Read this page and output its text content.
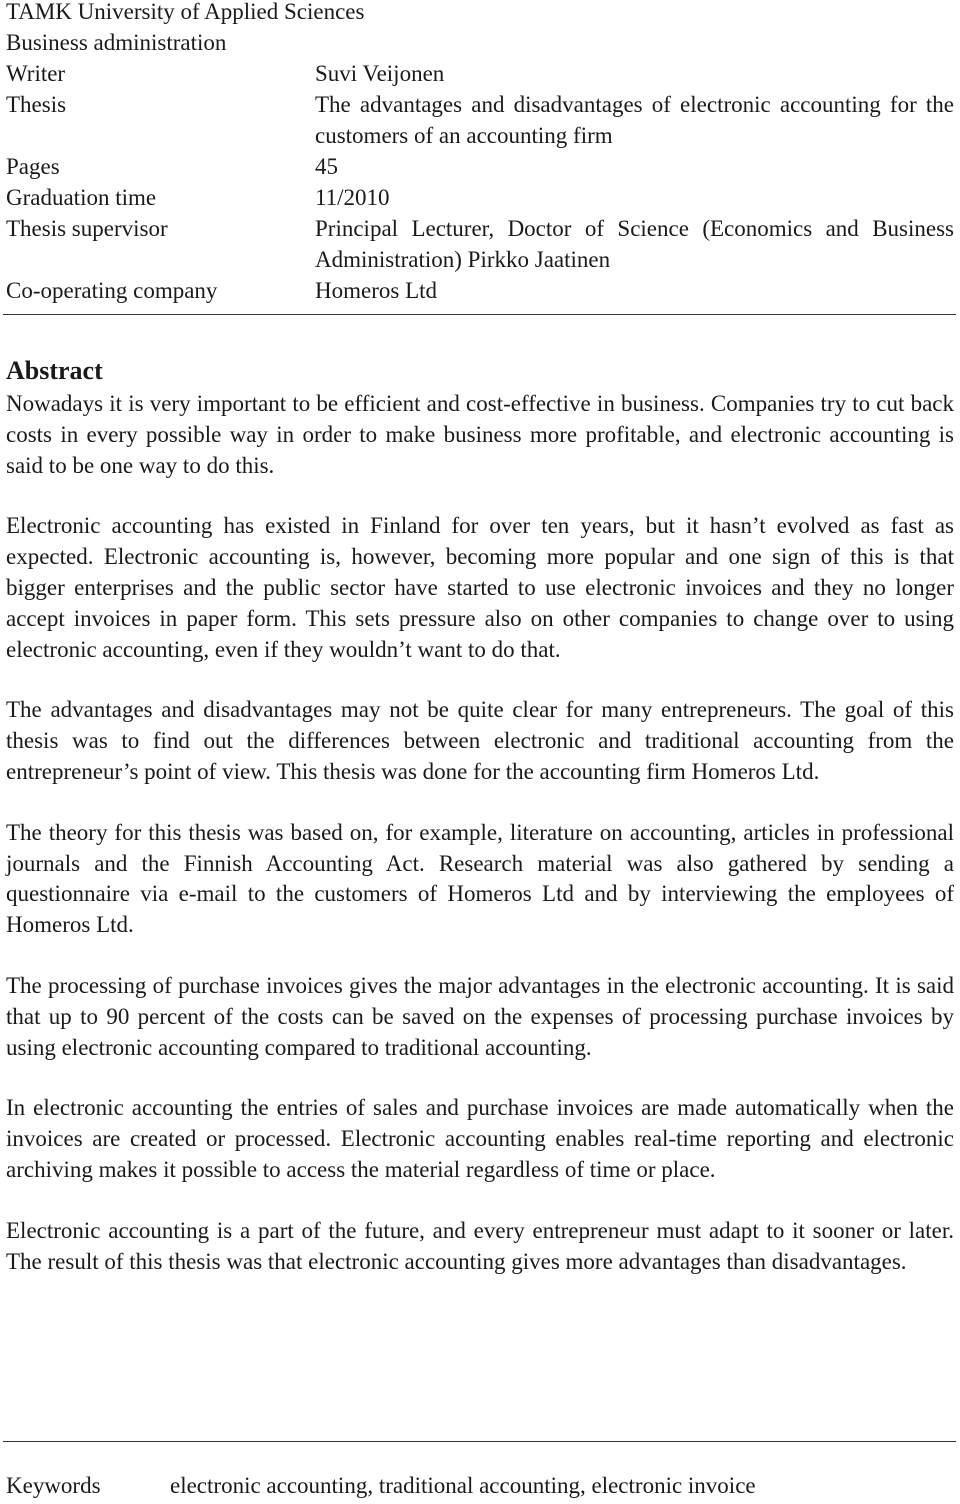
TAMK University of Applied Sciences
Business administration
Writer	Suvi Veijonen
Thesis	The advantages and disadvantages of electronic accounting for the customers of an accounting firm
Pages	45
Graduation time	11/2010
Thesis supervisor	Principal Lecturer, Doctor of Science (Economics and Business Administration) Pirkko Jaatinen
Co-operating company	Homeros Ltd
Abstract

Nowadays it is very important to be efficient and cost-effective in business. Companies try to cut back costs in every possible way in order to make business more profitable, and electronic accounting is said to be one way to do this.

Electronic accounting has existed in Finland for over ten years, but it hasn’t evolved as fast as expected. Electronic accounting is, however, becoming more popular and one sign of this is that bigger enterprises and the public sector have started to use electronic invoices and they no longer accept invoices in paper form. This sets pressure also on other companies to change over to using electronic accounting, even if they wouldn’t want to do that.

The advantages and disadvantages may not be quite clear for many entrepreneurs. The goal of this thesis was to find out the differences between electronic and traditional accounting from the entrepreneur’s point of view. This thesis was done for the accounting firm Homeros Ltd.

The theory for this thesis was based on, for example, literature on accounting, articles in professional journals and the Finnish Accounting Act. Research material was also gathered by sending a questionnaire via e-mail to the customers of Homeros Ltd and by interviewing the employees of Homeros Ltd.

The processing of purchase invoices gives the major advantages in the electronic accounting. It is said that up to 90 percent of the costs can be saved on the expenses of processing purchase invoices by using electronic accounting compared to traditional accounting.

In electronic accounting the entries of sales and purchase invoices are made automatically when the invoices are created or processed. Electronic accounting enables real-time reporting and electronic archiving makes it possible to access the material regardless of time or place.

Electronic accounting is a part of the future, and every entrepreneur must adapt to it sooner or later. The result of this thesis was that electronic accounting gives more advantages than disadvantages.

Keywords	electronic accounting, traditional accounting, electronic invoice
